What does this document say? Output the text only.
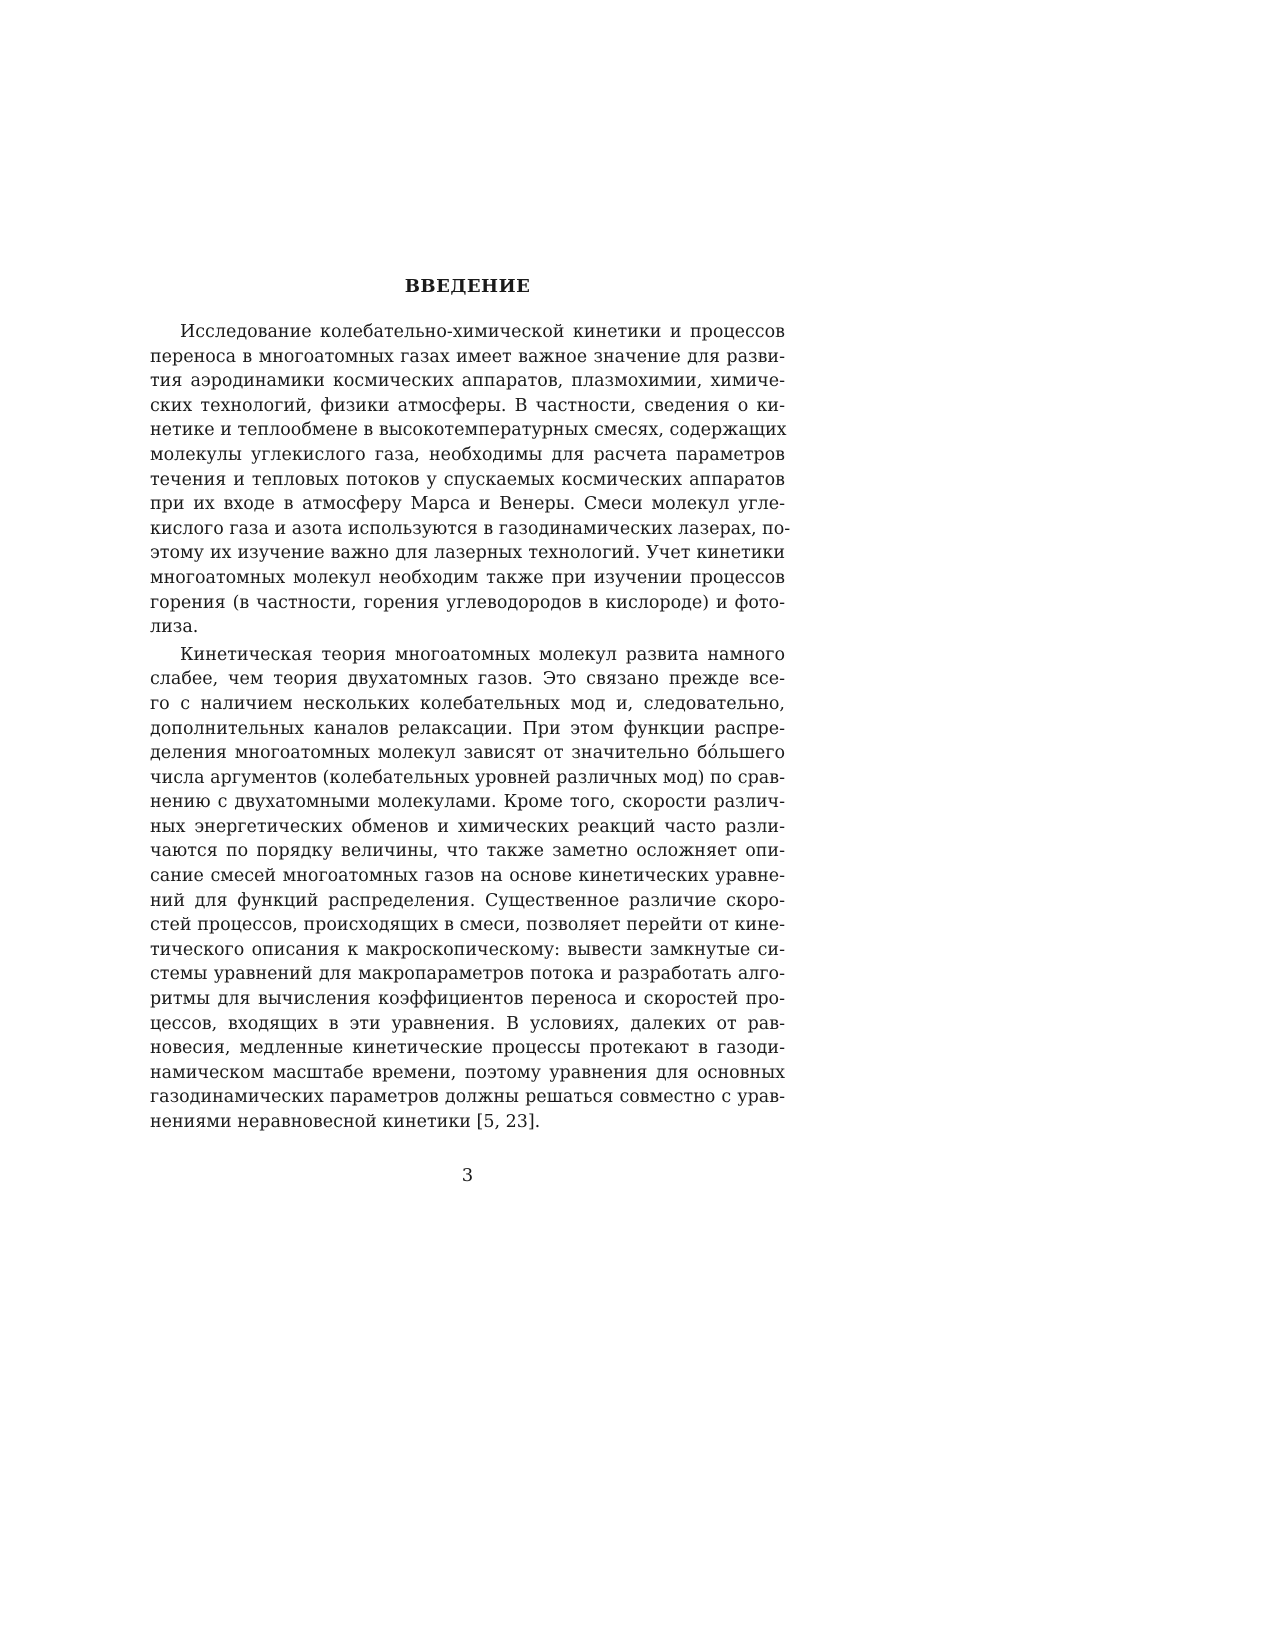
ВВЕДЕНИЕ
Исследование колебательно-химической кинетики и процессов
переноса в многоатомных газах имеет важное значение для разви-
тия аэродинамики космических аппаратов, плазмохимии, химиче-
ских технологий, физики атмосферы. В частности, сведения о ки-
нетике и теплообмене в высокотемпературных смесях, содержащих
молекулы углекислого газа, необходимы для расчета параметров
течения и тепловых потоков у спускаемых космических аппаратов
при их входе в атмосферу Марса и Венеры. Смеси молекул угле-
кислого газа и азота используются в газодинамических лазерах, по-
этому их изучение важно для лазерных технологий. Учет кинетики
многоатомных молекул необходим также при изучении процессов
горения (в частности, горения углеводородов в кислороде) и фото-
лиза.
Кинетическая теория многоатомных молекул развита намного
слабее, чем теория двухатомных газов. Это связано прежде все-
го с наличием нескольких колебательных мод и, следовательно,
дополнительных каналов релаксации. При этом функции распре-
деления многоатомных молекул зависят от значительно бóльшего
числа аргументов (колебательных уровней различных мод) по срав-
нению с двухатомными молекулами. Кроме того, скорости различ-
ных энергетических обменов и химических реакций часто разли-
чаются по порядку величины, что также заметно осложняет опи-
сание смесей многоатомных газов на основе кинетических уравне-
ний для функций распределения. Существенное различие скоро-
стей процессов, происходящих в смеси, позволяет перейти от кине-
тического описания к макроскопическому: вывести замкнутые си-
стемы уравнений для макропараметров потока и разработать алго-
ритмы для вычисления коэффициентов переноса и скоростей про-
цессов, входящих в эти уравнения. В условиях, далеких от рав-
новесия, медленные кинетические процессы протекают в газоди-
намическом масштабе времени, поэтому уравнения для основных
газодинамических параметров должны решаться совместно с урав-
нениями неравновесной кинетики [5, 23].
3
